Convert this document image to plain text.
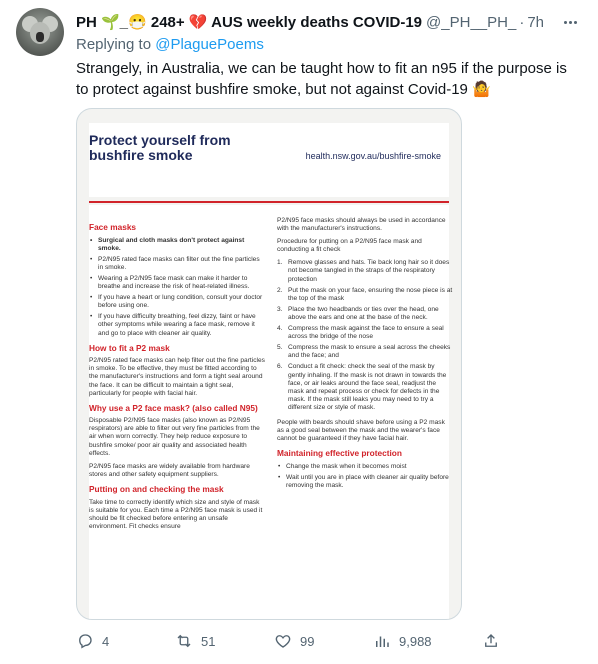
PH 🌱_😷 248+ 💔 AUS weekly deaths COVID-19 @_PH__PH_ · 7h
Replying to @PlaguePoems
Strangely, in Australia, we can be taught how to fit an n95 if the purpose is to protect against bushfire smoke, but not against Covid-19 🤷
Protect yourself from bushfire smoke	health.nsw.gov.au/bushfire-smoke
Face masks
• Surgical and cloth masks don't protect against smoke.
• P2/N95 rated face masks can filter out the fine particles in smoke.
• Wearing a P2/N95 face mask can make it harder to breathe and increase the risk of heat-related illness.
• If you have a heart or lung condition, consult your doctor before using one.
• If you have difficulty breathing, feel dizzy, faint or have other symptoms while wearing a face mask, remove it and go to place with cleaner air quality.
How to fit a P2 mask
P2/N95 rated face masks can help filter out the fine particles in smoke. To be effective, they must be fitted according to the manufacturer's instructions and form a tight seal around the face. It can be difficult to maintain a tight seal, particularly for people with facial hair.
Why use a P2 face mask? (also called N95)
Disposable P2/N95 face masks (also known as P2/N95 respirators) are able to filter out very fine particles from the air when worn correctly. They help reduce exposure to bushfire smoke/ poor air quality and associated health effects.
P2/N95 face masks are widely available from hardware stores and other safety equipment suppliers.
Putting on and checking the mask
Take time to correctly identify which size and style of mask is suitable for you. Each time a P2/N95 face mask is used it should be fit checked before entering an unsafe environment. Fit checks ensure
P2/N95 face masks should always be used in accordance with the manufacturer's instructions.
Procedure for putting on a P2/N95 face mask and conducting a fit check
1. Remove glasses and hats. Tie back long hair so it does not become tangled in the straps of the respiratory protection
2. Put the mask on your face, ensuring the nose piece is at the top of the mask
3. Place the two headbands or ties over the head, one above the ears and one at the base of the neck.
4. Compress the mask against the face to ensure a seal across the bridge of the nose
5. Compress the mask to ensure a seal across the cheeks and the face; and
6. Conduct a fit check: check the seal of the mask by gently inhaling. If the mask is not drawn in towards the face, or air leaks around the face seal, readjust the mask and repeat process or check for defects in the mask. If the mask still leaks you may need to try a different size or style of mask.
People with beards should shave before using a P2 mask as a good seal between the mask and the wearer's face cannot be guaranteed if they have facial hair.
Maintaining effective protection
• Change the mask when it becomes moist
• Wait until you are in place with cleaner air quality before removing the mask.
4	51	99	9,988
